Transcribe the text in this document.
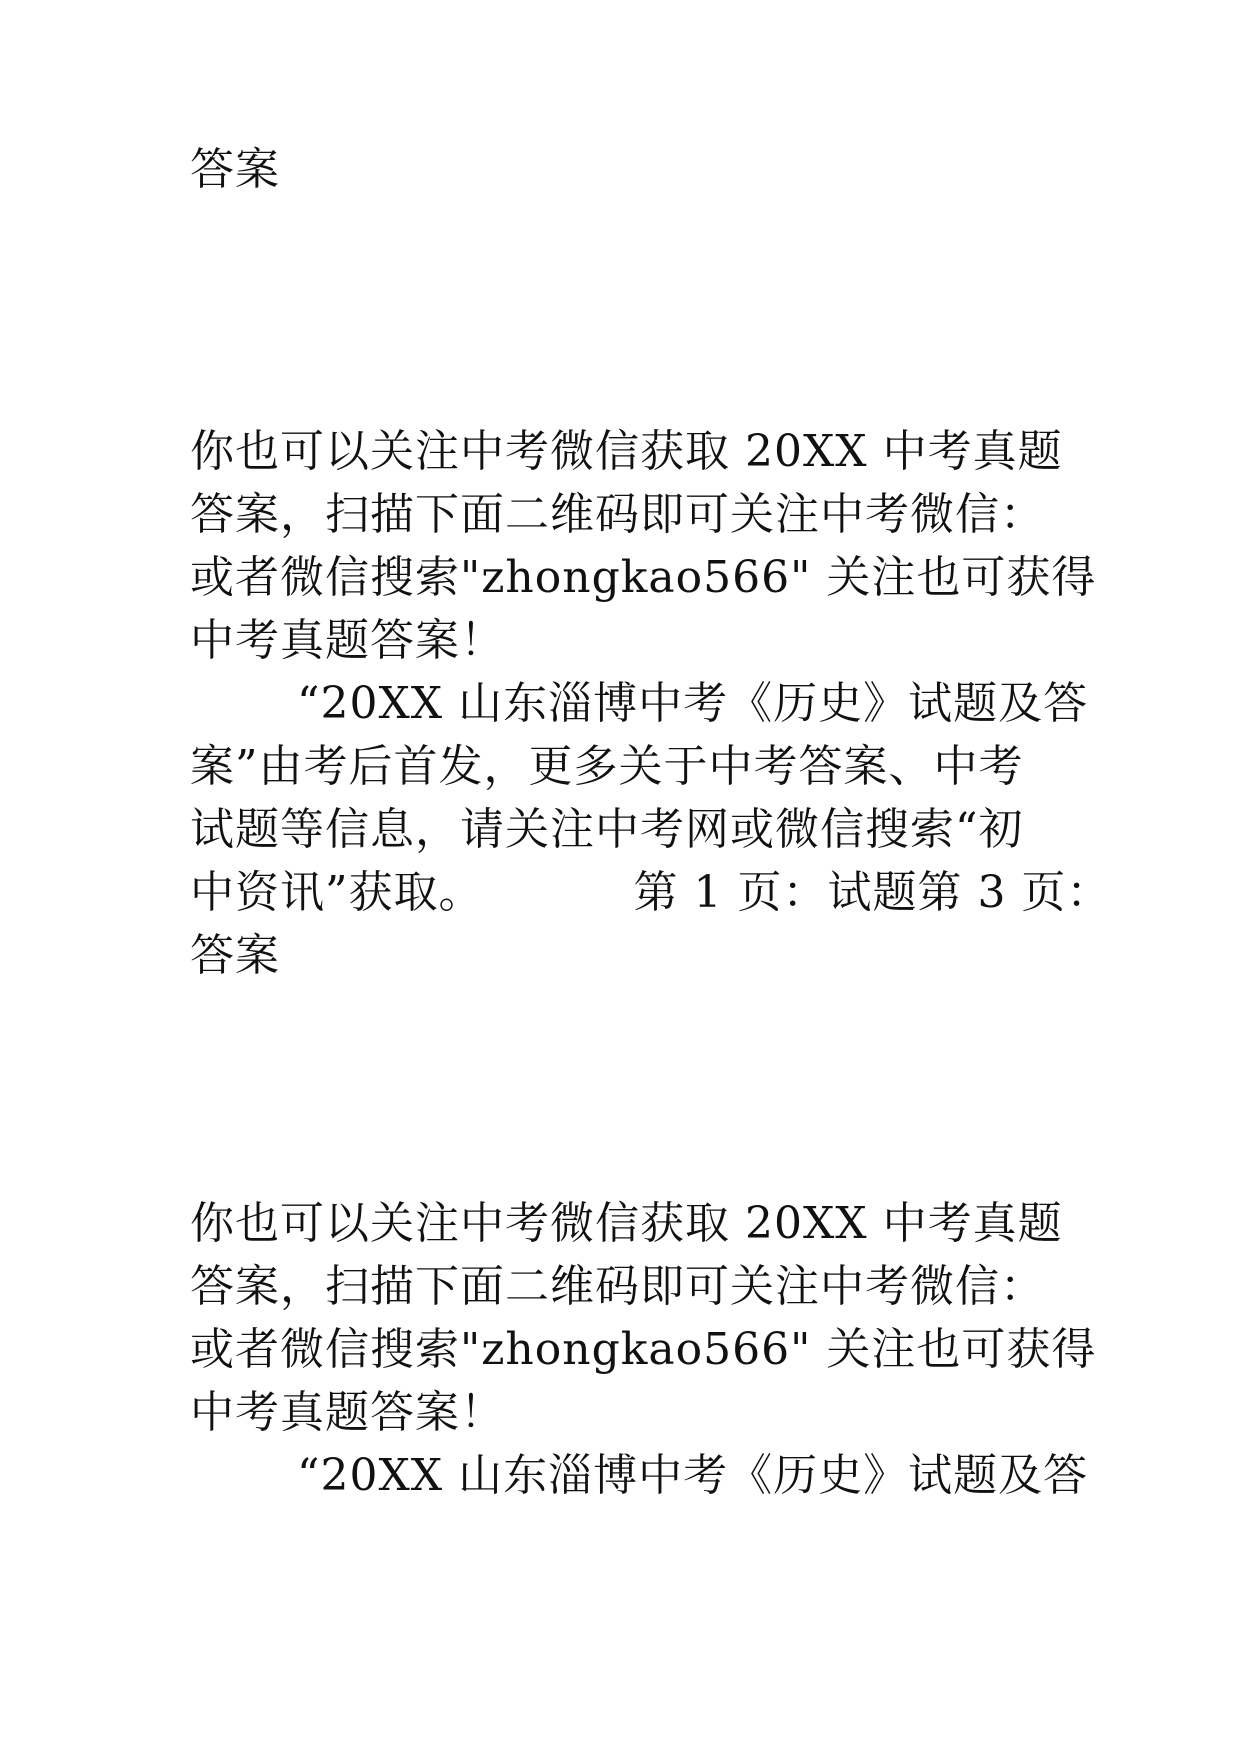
答案
你也可以关注中考微信获取 20XX 中考真题
答案，扫描下面二维码即可关注中考微信：
或者微信搜索"zhongkao566" 关注也可获得
中考真题答案！
“20XX 山东淄博中考《历史》试题及答
案”由考后首发，更多关于中考答案、中考
试题等信息，请关注中考网或微信搜索“初
中资讯”获取。	第 1 页：试题第 3 页：
答案
你也可以关注中考微信获取 20XX 中考真题
答案，扫描下面二维码即可关注中考微信：
或者微信搜索"zhongkao566" 关注也可获得
中考真题答案！
“20XX 山东淄博中考《历史》试题及答
